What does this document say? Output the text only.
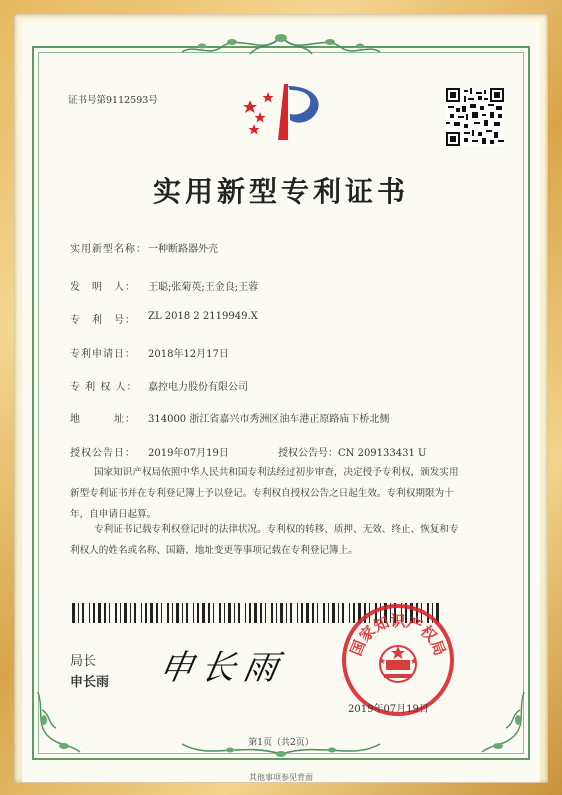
证书号第9112593号
实用新型专利证书
实用新型名称： 一种断路器外壳
发　明　人： 王聪;张菊英;王金良;王蓉
专　利　号： ZL 2018 2 2119949.X
专利申请日： 2018年12月17日
专 利 权 人： 嘉控电力股份有限公司
地　　　址： 314000 浙江省嘉兴市秀洲区油车港正原路庙下桥北侧
授权公告日： 2019年07月19日	授权公告号：CN 209133431 U
国家知识产权局依照中华人民共和国专利法经过初步审查，决定授予专利权，颁发实用
新型专利证书并在专利登记簿上予以登记。专利权自授权公告之日起生效。专利权期限为十
年，自申请日起算。
专利证书记载专利权登记时的法律状况。专利权的转移、质押、无效、终止、恢复和专
利权人的姓名或名称、国籍、地址变更等事项记载在专利登记簿上。
局长
申长雨 申长雨
国家知识产权局
2019年07月19日
第1页（共2页）
其他事项参见背面
